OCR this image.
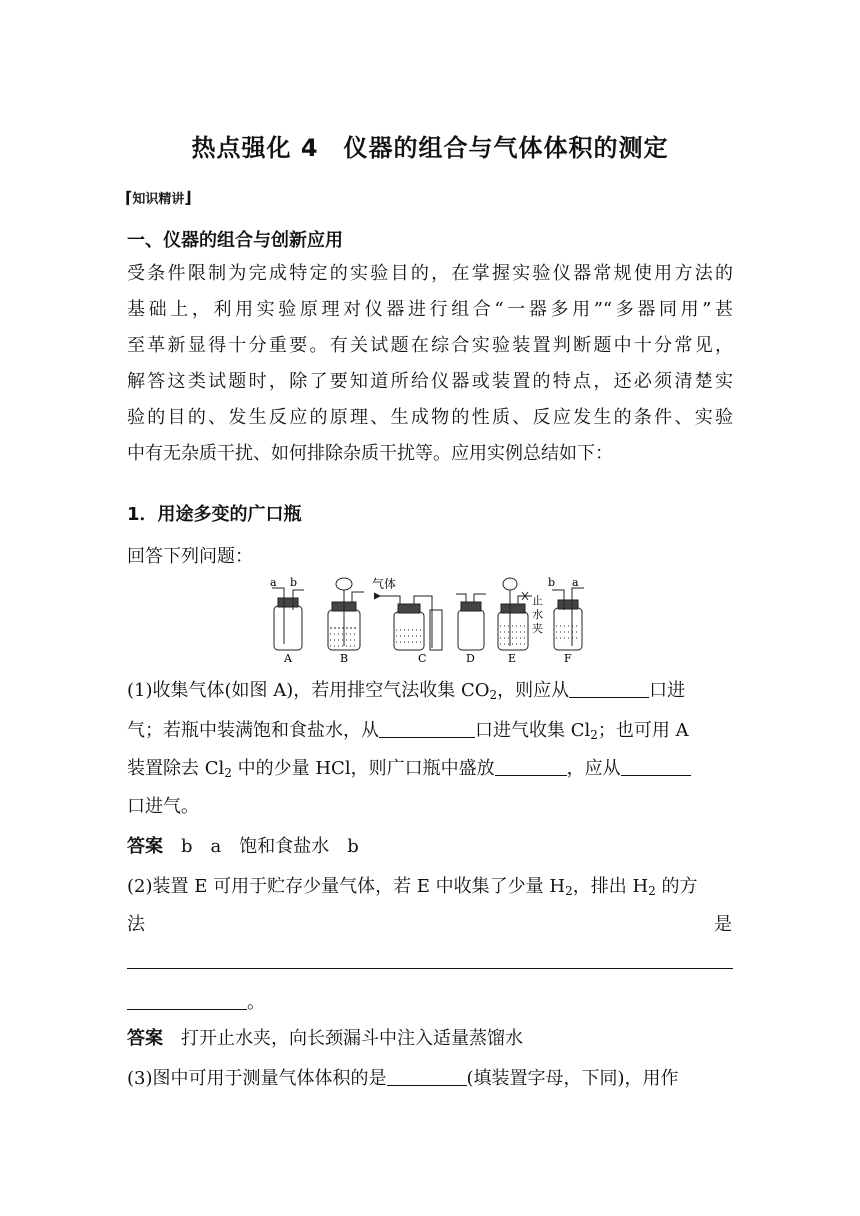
热点强化 4　仪器的组合与气体体积的测定
⌈知识精讲⌋
一、仪器的组合与创新应用
受条件限制为完成特定的实验目的，在掌握实验仪器常规使用方法的
基础上，利用实验原理对仪器进行组合“一器多用”“多器同用”甚
至革新显得十分重要。有关试题在综合实验装置判断题中十分常见，
解答这类试题时，除了要知道所给仪器或装置的特点，还必须清楚实
验的目的、发生反应的原理、生成物的性质、反应发生的条件、实验
中有无杂质干扰、如何排除杂质干扰等。应用实例总结如下：
1．用途多变的广口瓶
回答下列问题：
a b	气体
止
水
夹
b a
A	B	C	D	E	F
(1)收集气体(如图 A)，若用排空气法收集 $CO_2$，则应从	口进
气；若瓶中装满饱和食盐水，从	口进气收集 $Cl_2$；也可用 A
装置除去 $Cl_2$ 中的少量 HCl，则广口瓶中盛放	，应从
口进气。
答案　 b　a　饱和食盐水　b
(2)装置 E 可用于贮存少量气体，若 E 中收集了少量 $H_2$，排出 $H_2$ 的方
法	是
。
答案　 打开止水夹，向长颈漏斗中注入适量蒸馏水
(3)图中可用于测量气体体积的是	(填装置字母，下同)，用作
